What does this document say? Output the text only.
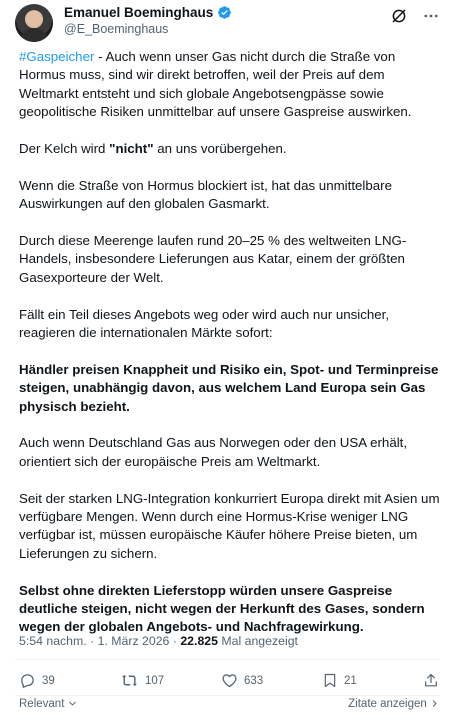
Emanuel Boeminghaus
@E_Boeminghaus

#Gaspeicher - Auch wenn unser Gas nicht durch die Straße von Hormus muss, sind wir direkt betroffen, weil der Preis auf dem Weltmarkt entsteht und sich globale Angebotsengpässe sowie geopolitische Risiken unmittelbar auf unsere Gaspreise auswirken.

Der Kelch wird "nicht" an uns vorübergehen.

Wenn die Straße von Hormus blockiert ist, hat das unmittelbare Auswirkungen auf den globalen Gasmarkt.

Durch diese Meerenge laufen rund 20–25 % des weltweiten LNG-Handels, insbesondere Lieferungen aus Katar, einem der größten Gasexporteure der Welt.

Fällt ein Teil dieses Angebots weg oder wird auch nur unsicher, reagieren die internationalen Märkte sofort:

Händler preisen Knappheit und Risiko ein, Spot- und Terminpreise steigen, unabhängig davon, aus welchem Land Europa sein Gas physisch bezieht.

Auch wenn Deutschland Gas aus Norwegen oder den USA erhält, orientiert sich der europäische Preis am Weltmarkt.

Seit der starken LNG-Integration konkurriert Europa direkt mit Asien um verfügbare Mengen. Wenn durch eine Hormus-Krise weniger LNG verfügbar ist, müssen europäische Käufer höhere Preise bieten, um Lieferungen zu sichern.

Selbst ohne direkten Lieferstopp würden unsere Gaspreise deutliche steigen, nicht wegen der Herkunft des Gases, sondern wegen der globalen Angebots- und Nachfragewirkung.

5:54 nachm. · 1. März 2026 · 22.825 Mal angezeigt
39	107	633	21
Relevant	Zitate anzeigen
